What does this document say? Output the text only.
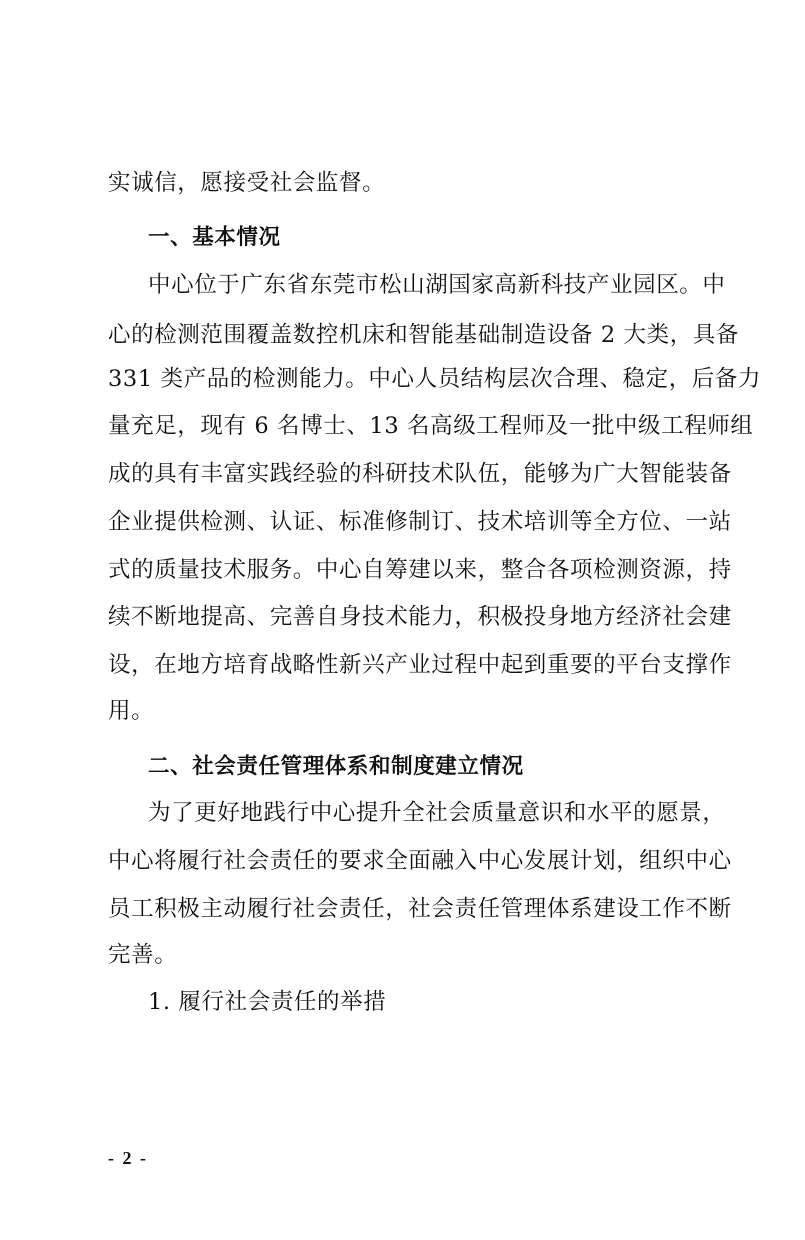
实诚信，愿接受社会监督。
一、基本情况
中心位于广东省东莞市松山湖国家高新科技产业园区。中
心的检测范围覆盖数控机床和智能基础制造设备 2 大类，具备
331 类产品的检测能力。中心人员结构层次合理、稳定，后备力
量充足，现有 6 名博士、13 名高级工程师及一批中级工程师组
成的具有丰富实践经验的科研技术队伍，能够为广大智能装备
企业提供检测、认证、标准修制订、技术培训等全方位、一站
式的质量技术服务。中心自筹建以来，整合各项检测资源，持
续不断地提高、完善自身技术能力，积极投身地方经济社会建
设，在地方培育战略性新兴产业过程中起到重要的平台支撑作
用。
二、社会责任管理体系和制度建立情况
为了更好地践行中心提升全社会质量意识和水平的愿景，
中心将履行社会责任的要求全面融入中心发展计划，组织中心
员工积极主动履行社会责任，社会责任管理体系建设工作不断
完善。
1. 履行社会责任的举措
- 2 -
